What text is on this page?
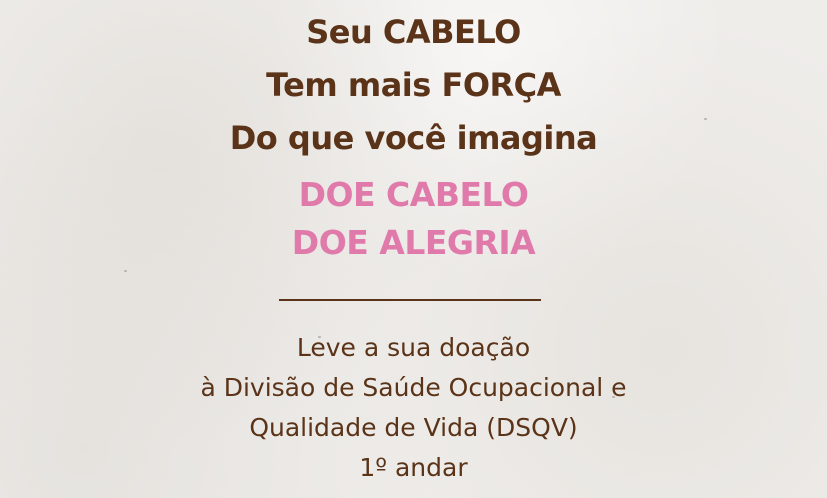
Seu CABELO
Tem mais FORÇA
Do que você imagina
DOE CABELO
DOE ALEGRIA
Leve a sua doação
à Divisão de Saúde Ocupacional e
Qualidade de Vida (DSQV)
1º andar
